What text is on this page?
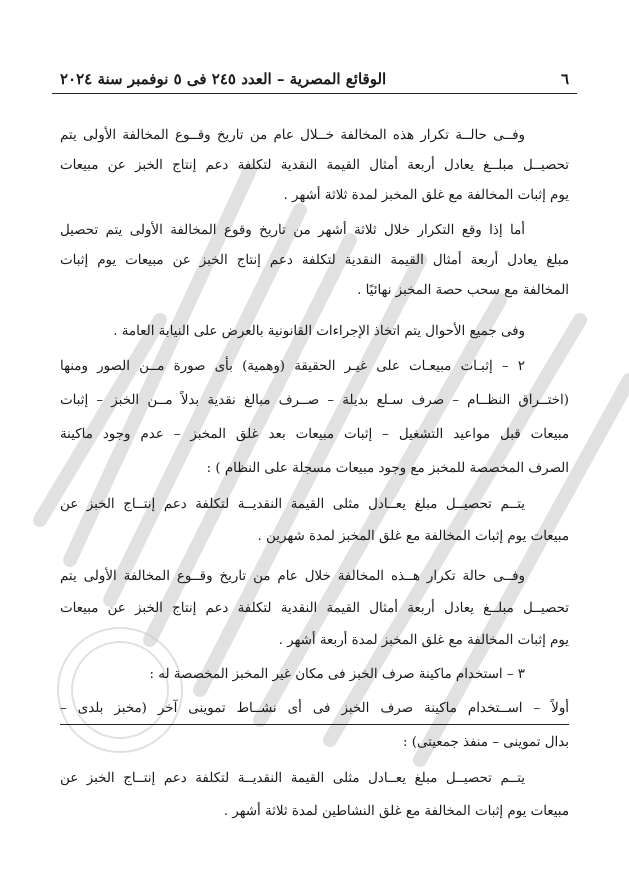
٦
الوقائع المصرية – العدد ٢٤٥ فى ٥ نوفمبر سنة ٢٠٢٤
وفــى حالــة تكرار هذه المخالفة خــلال عام من تاريخ وقــوع المخالفة الأولى يتم
تحصيــل مبلــغ يعادل أربعة أمثال القيمة النقدية لتكلفة دعم إنتاج الخبز عن مبيعات
يوم إثبات المخالفة مع غلق المخبز لمدة ثلاثة أشهر .
أما إذا وقع التكرار خلال ثلاثة أشهر من تاريخ وقوع المخالفة الأولى يتم تحصيل
مبلغ يعادل أربعة أمثال القيمة النقدية لتكلفة دعم إنتاج الخبز عن مبيعات يوم إثبات
المخالفة مع سحب حصة المخبز نهائيًا .
وفى جميع الأحوال يتم اتخاذ الإجراءات القانونية بالعرض على النيابة العامة .
٢ – إثبـات مبيعـات على غيـر الحقيقة (وهمية) بأى صورة مــن الصور ومنها
(اختــراق النظــام – صرف سـلع بديلة – صــرف مبالغ نقدية بدلاً مــن الخبز – إثبات
مبيعات قبل مواعيد التشغيل – إثبات مبيعات بعد غلق المخبز – عدم وجود ماكينة
الصرف المخصصة للمخبز مع وجود مبيعات مسجلة على النظام ) :
يتــم تحصيــل مبلغ يعــادل مثلى القيمة النقديــة لتكلفة دعم إنتــاج الخبز عن
مبيعات يوم إثبات المخالفة مع غلق المخبز لمدة شهرين .
وفــى حالة تكرار هــذه المخالفة خلال عام من تاريخ وقــوع المخالفة الأولى يتم
تحصيــل مبلــغ يعادل أربعة أمثال القيمة النقدية لتكلفة دعم إنتاج الخبز عن مبيعات
يوم إثبات المخالفة مع غلق المخبز لمدة أربعة أشهر .
٣ – استخدام ماكينة صرف الخبز فى مكان غير المخبز المخصصة له :
أولاً – اســتخدام ماكينة صرف الخبز فى أى نشــاط تموينى آخر (مخبز بلدى –
بدال تموينى – منفذ جمعيتى) :
يتــم تحصيــل مبلغ يعــادل مثلى القيمة النقديــة لتكلفة دعم إنتــاج الخبز عن
مبيعات يوم إثبات المخالفة مع غلق النشاطين لمدة ثلاثة أشهر .
